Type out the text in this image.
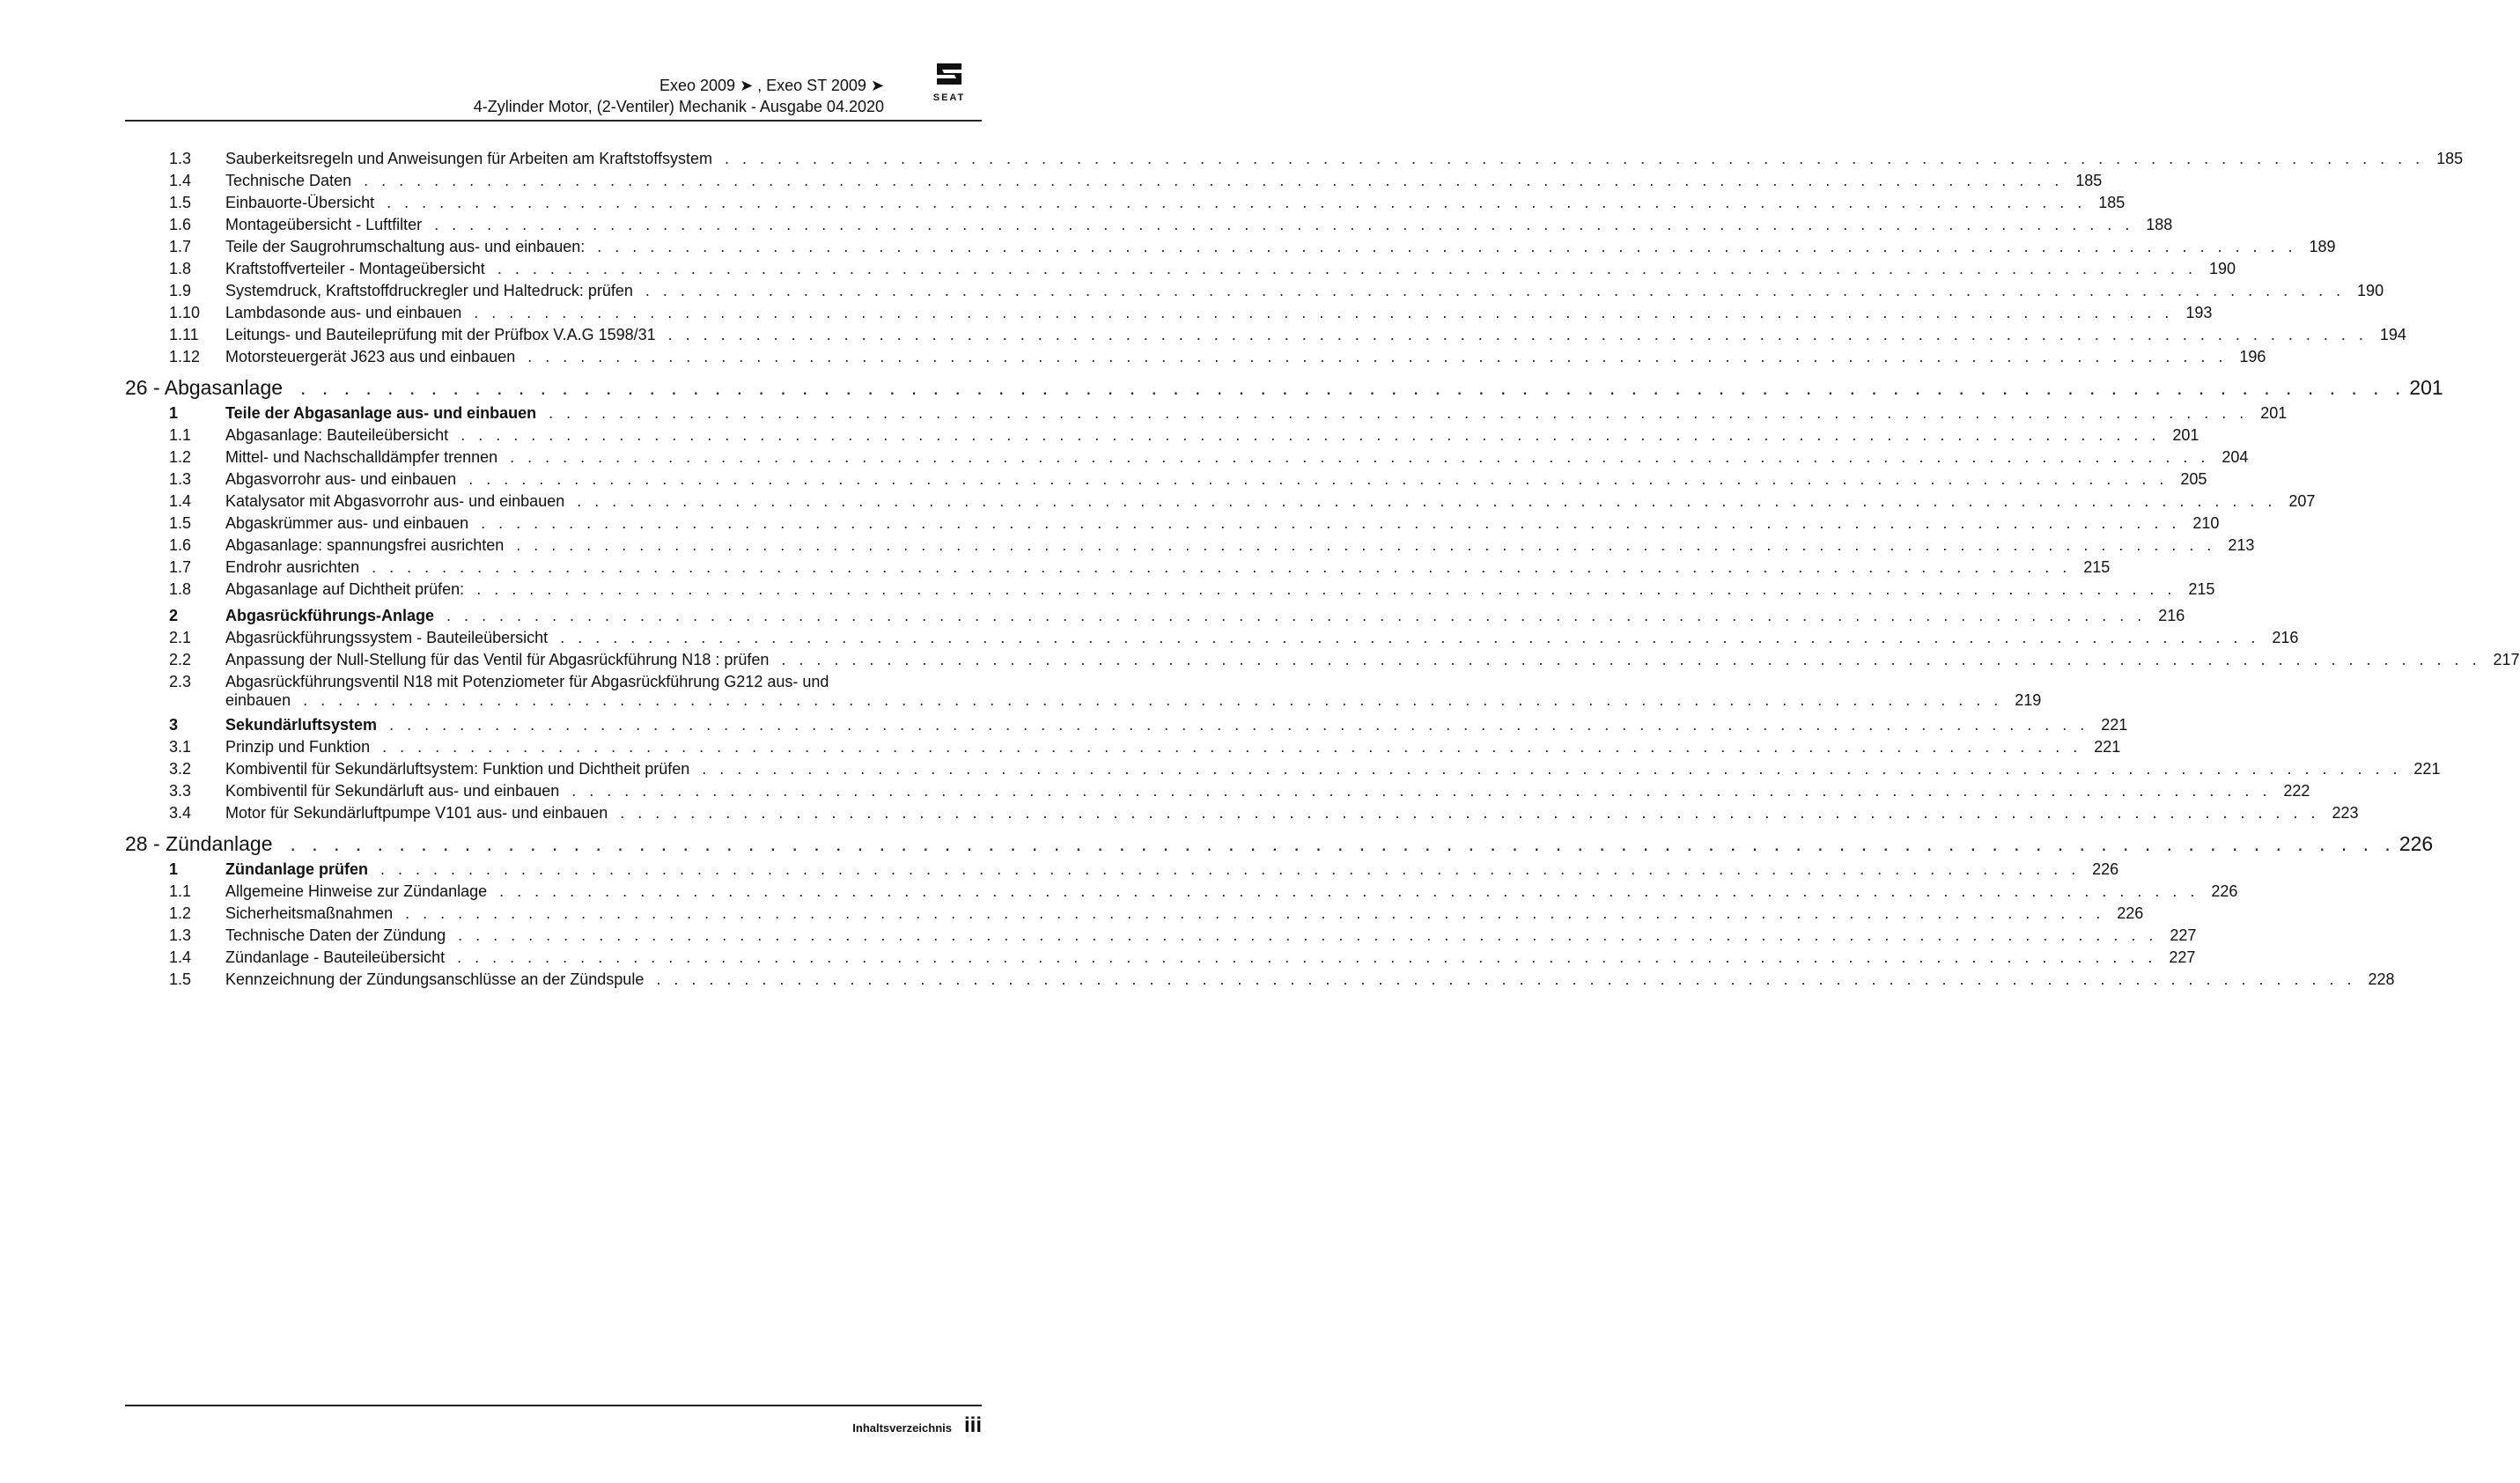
Exeo 2009 ➤ , Exeo ST 2009 ➤
4-Zylinder Motor, (2-Ventiler) Mechanik - Ausgabe 04.2020	SEAT
1.3	Sauberkeitsregeln und Anweisungen für Arbeiten am Kraftstoffsystem . . . . . . . . . . . . . . . . . . . . . . . . . . . . . . . . . . . . . . . . . . . . . . . . . . . . . . . . . . . . . . . . . . . . . . . . . . . . . . . . . . . . . . . . . . . . . . . . . 185
1.4	Technische Daten . . . . . . . . . . . . . . . . . . . . . . . . . . . . . . . . . . . . . . . . . . . . . . . . . . . . . . . . . . . . . . . . . . . . . . . . . . . . . . . . . . . . . . . . . . . . . . . . . 185
1.5	Einbauorte-Übersicht . . . . . . . . . . . . . . . . . . . . . . . . . . . . . . . . . . . . . . . . . . . . . . . . . . . . . . . . . . . . . . . . . . . . . . . . . . . . . . . . . . . . . . . . . . . . . . . . . 185
1.6	Montageübersicht - Luftfilter . . . . . . . . . . . . . . . . . . . . . . . . . . . . . . . . . . . . . . . . . . . . . . . . . . . . . . . . . . . . . . . . . . . . . . . . . . . . . . . . . . . . . . . . . . . . . . . . . 188
1.7	Teile der Saugrohrumschaltung aus- und einbauen: . . . . . . . . . . . . . . . . . . . . . . . . . . . . . . . . . . . . . . . . . . . . . . . . . . . . . . . . . . . . . . . . . . . . . . . . . . . . . . . . . . . . . . . . . . . . . . . . . 189
1.8	Kraftstoffverteiler - Montageübersicht . . . . . . . . . . . . . . . . . . . . . . . . . . . . . . . . . . . . . . . . . . . . . . . . . . . . . . . . . . . . . . . . . . . . . . . . . . . . . . . . . . . . . . . . . . . . . . . . . 190
1.9	Systemdruck, Kraftstoffdruckregler und Haltedruck: prüfen . . . . . . . . . . . . . . . . . . . . . . . . . . . . . . . . . . . . . . . . . . . . . . . . . . . . . . . . . . . . . . . . . . . . . . . . . . . . . . . . . . . . . . . . . . . . . . . . . 190
1.10	Lambdasonde aus- und einbauen . . . . . . . . . . . . . . . . . . . . . . . . . . . . . . . . . . . . . . . . . . . . . . . . . . . . . . . . . . . . . . . . . . . . . . . . . . . . . . . . . . . . . . . . . . . . . . . . . 193
1.11	Leitungs- und Bauteileprüfung mit der Prüfbox V.A.G 1598/31 . . . . . . . . . . . . . . . . . . . . . . . . . . . . . . . . . . . . . . . . . . . . . . . . . . . . . . . . . . . . . . . . . . . . . . . . . . . . . . . . . . . . . . . . . . . . . . . . . 194
1.12	Motorsteuergerät J623 aus und einbauen . . . . . . . . . . . . . . . . . . . . . . . . . . . . . . . . . . . . . . . . . . . . . . . . . . . . . . . . . . . . . . . . . . . . . . . . . . . . . . . . . . . . . . . . . . . . . . . . . 196
26 - Abgasanlage . . . . . . . . . . . . . . . . . . . . . . . . . . . . . . . . . . . . . . . . . . . . . . . . . . . . . . . . . . . . . . . . . . . . . . . . . . . . . . . . . . . . . . . . . . . . . . . . . 201
1	Teile der Abgasanlage aus- und einbauen . . . . . . . . . . . . . . . . . . . . . . . . . . . . . . . . . . . . . . . . . . . . . . . . . . . . . . . . . . . . . . . . . . . . . . . . . . . . . . . . . . . . . . . . . . . . . . . . . 201
1.1	Abgasanlage: Bauteileübersicht . . . . . . . . . . . . . . . . . . . . . . . . . . . . . . . . . . . . . . . . . . . . . . . . . . . . . . . . . . . . . . . . . . . . . . . . . . . . . . . . . . . . . . . . . . . . . . . . . 201
1.2	Mittel- und Nachschalldämpfer trennen . . . . . . . . . . . . . . . . . . . . . . . . . . . . . . . . . . . . . . . . . . . . . . . . . . . . . . . . . . . . . . . . . . . . . . . . . . . . . . . . . . . . . . . . . . . . . . . . . 204
1.3	Abgasvorrohr aus- und einbauen . . . . . . . . . . . . . . . . . . . . . . . . . . . . . . . . . . . . . . . . . . . . . . . . . . . . . . . . . . . . . . . . . . . . . . . . . . . . . . . . . . . . . . . . . . . . . . . . . 205
1.4	Katalysator mit Abgasvorrohr aus- und einbauen . . . . . . . . . . . . . . . . . . . . . . . . . . . . . . . . . . . . . . . . . . . . . . . . . . . . . . . . . . . . . . . . . . . . . . . . . . . . . . . . . . . . . . . . . . . . . . . . . 207
1.5	Abgaskrümmer aus- und einbauen . . . . . . . . . . . . . . . . . . . . . . . . . . . . . . . . . . . . . . . . . . . . . . . . . . . . . . . . . . . . . . . . . . . . . . . . . . . . . . . . . . . . . . . . . . . . . . . . . 210
1.6	Abgasanlage: spannungsfrei ausrichten . . . . . . . . . . . . . . . . . . . . . . . . . . . . . . . . . . . . . . . . . . . . . . . . . . . . . . . . . . . . . . . . . . . . . . . . . . . . . . . . . . . . . . . . . . . . . . . . . 213
1.7	Endrohr ausrichten . . . . . . . . . . . . . . . . . . . . . . . . . . . . . . . . . . . . . . . . . . . . . . . . . . . . . . . . . . . . . . . . . . . . . . . . . . . . . . . . . . . . . . . . . . . . . . . . . 215
1.8	Abgasanlage auf Dichtheit prüfen: . . . . . . . . . . . . . . . . . . . . . . . . . . . . . . . . . . . . . . . . . . . . . . . . . . . . . . . . . . . . . . . . . . . . . . . . . . . . . . . . . . . . . . . . . . . . . . . . . 215
2	Abgasrückführungs-Anlage . . . . . . . . . . . . . . . . . . . . . . . . . . . . . . . . . . . . . . . . . . . . . . . . . . . . . . . . . . . . . . . . . . . . . . . . . . . . . . . . . . . . . . . . . . . . . . . . . 216
2.1	Abgasrückführungssystem - Bauteileübersicht . . . . . . . . . . . . . . . . . . . . . . . . . . . . . . . . . . . . . . . . . . . . . . . . . . . . . . . . . . . . . . . . . . . . . . . . . . . . . . . . . . . . . . . . . . . . . . . . . 216
2.2	Anpassung der Null-Stellung für das Ventil für Abgasrückführung N18 : prüfen . . . . . . . . . . . . . . . . . . . . . . . . . . . . . . . . . . . . . . . . . . . . . . . . . . . . . . . . . . . . . . . . . . . . . . . . . . . . . . . . . . . . . . . . . . . . . . . . . 217
2.3	Abgasrückführungsventil N18 mit Potenziometer für Abgasrückführung G212 aus- und
einbauen . . . . . . . . . . . . . . . . . . . . . . . . . . . . . . . . . . . . . . . . . . . . . . . . . . . . . . . . . . . . . . . . . . . . . . . . . . . . . . . . . . . . . . . . . . . . . . . . . 219
3	Sekundärluftsystem . . . . . . . . . . . . . . . . . . . . . . . . . . . . . . . . . . . . . . . . . . . . . . . . . . . . . . . . . . . . . . . . . . . . . . . . . . . . . . . . . . . . . . . . . . . . . . . . . 221
3.1	Prinzip und Funktion . . . . . . . . . . . . . . . . . . . . . . . . . . . . . . . . . . . . . . . . . . . . . . . . . . . . . . . . . . . . . . . . . . . . . . . . . . . . . . . . . . . . . . . . . . . . . . . . . 221
3.2	Kombiventil für Sekundärluftsystem: Funktion und Dichtheit prüfen . . . . . . . . . . . . . . . . . . . . . . . . . . . . . . . . . . . . . . . . . . . . . . . . . . . . . . . . . . . . . . . . . . . . . . . . . . . . . . . . . . . . . . . . . . . . . . . . . 221
3.3	Kombiventil für Sekundärluft aus- und einbauen . . . . . . . . . . . . . . . . . . . . . . . . . . . . . . . . . . . . . . . . . . . . . . . . . . . . . . . . . . . . . . . . . . . . . . . . . . . . . . . . . . . . . . . . . . . . . . . . . 222
3.4	Motor für Sekundärluftpumpe V101 aus- und einbauen . . . . . . . . . . . . . . . . . . . . . . . . . . . . . . . . . . . . . . . . . . . . . . . . . . . . . . . . . . . . . . . . . . . . . . . . . . . . . . . . . . . . . . . . . . . . . . . . . 223
28 - Zündanlage . . . . . . . . . . . . . . . . . . . . . . . . . . . . . . . . . . . . . . . . . . . . . . . . . . . . . . . . . . . . . . . . . . . . . . . . . . . . . . . . . . . . . . . . . . . . . . . . . 226
1	Zündanlage prüfen . . . . . . . . . . . . . . . . . . . . . . . . . . . . . . . . . . . . . . . . . . . . . . . . . . . . . . . . . . . . . . . . . . . . . . . . . . . . . . . . . . . . . . . . . . . . . . . . . 226
1.1	Allgemeine Hinweise zur Zündanlage . . . . . . . . . . . . . . . . . . . . . . . . . . . . . . . . . . . . . . . . . . . . . . . . . . . . . . . . . . . . . . . . . . . . . . . . . . . . . . . . . . . . . . . . . . . . . . . . . 226
1.2	Sicherheitsmaßnahmen . . . . . . . . . . . . . . . . . . . . . . . . . . . . . . . . . . . . . . . . . . . . . . . . . . . . . . . . . . . . . . . . . . . . . . . . . . . . . . . . . . . . . . . . . . . . . . . . . 226
1.3	Technische Daten der Zündung . . . . . . . . . . . . . . . . . . . . . . . . . . . . . . . . . . . . . . . . . . . . . . . . . . . . . . . . . . . . . . . . . . . . . . . . . . . . . . . . . . . . . . . . . . . . . . . . . 227
1.4	Zündanlage - Bauteileübersicht . . . . . . . . . . . . . . . . . . . . . . . . . . . . . . . . . . . . . . . . . . . . . . . . . . . . . . . . . . . . . . . . . . . . . . . . . . . . . . . . . . . . . . . . . . . . . . . . . 227
1.5	Kennzeichnung der Zündungsanschlüsse an der Zündspule . . . . . . . . . . . . . . . . . . . . . . . . . . . . . . . . . . . . . . . . . . . . . . . . . . . . . . . . . . . . . . . . . . . . . . . . . . . . . . . . . . . . . . . . . . . . . . . . . 228
Inhaltsverzeichnis iii
